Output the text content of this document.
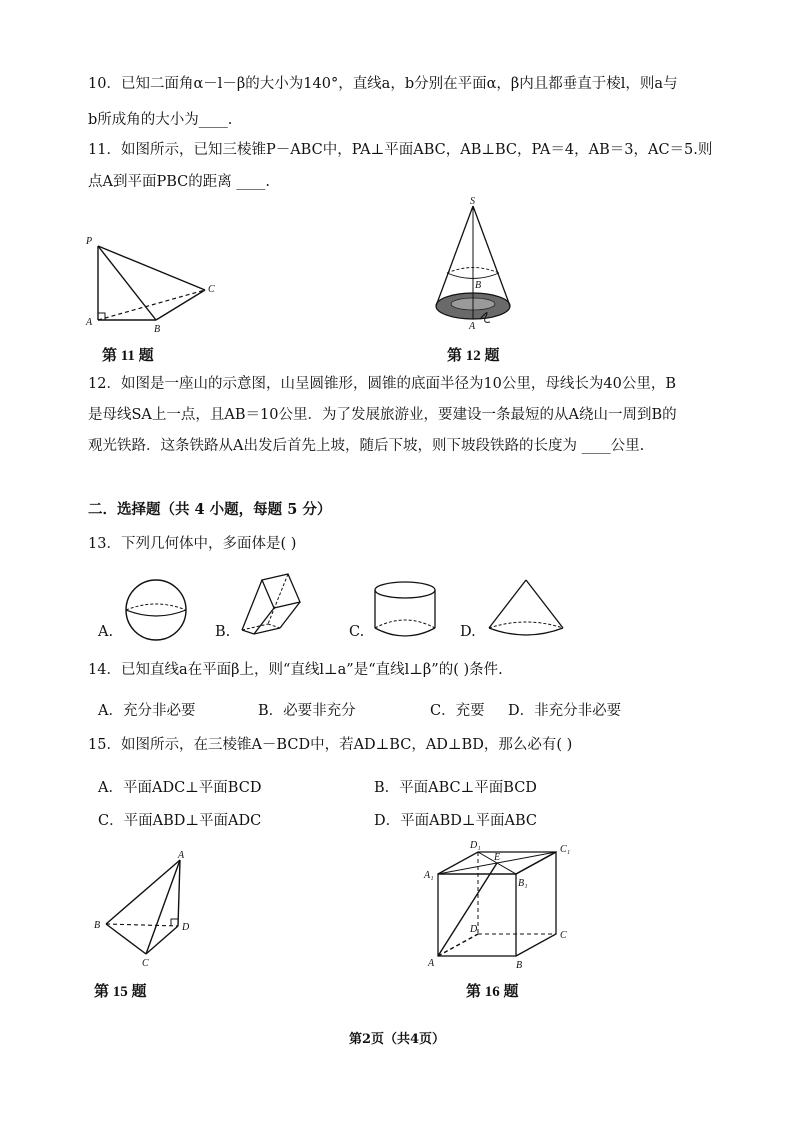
10．已知二面角α－l－β的大小为140°，直线a，b分别在平面α，β内且都垂直于棱l，则a与
b所成角的大小为____.
11．如图所示，已知三棱锥P－ABC中，PA⊥平面ABC，AB⊥BC，PA＝4，AB＝3，AC＝5.则
点A到平面PBC的距离 ____.
P
C
A
B
第 11 题
S
B
A
第 12 题
12．如图是一座山的示意图，山呈圆锥形，圆锥的底面半径为10公里，母线长为40公里，B
是母线SA上一点，且AB＝10公里．为了发展旅游业，要建设一条最短的从A绕山一周到B的
观光铁路．这条铁路从A出发后首先上坡，随后下坡，则下坡段铁路的长度为 ____公里.
二．选择题（共 4 小题，每题 5 分）
13．下列几何体中，多面体是( )
A.	B.	C.	D.
14．已知直线a在平面β上，则“直线l⊥a”是“直线l⊥β”的( )条件.
A．充分非必要	B．必要非充分	C．充要 D．非充分非必要
15．如图所示，在三棱锥A－BCD中，若AD⊥BC，AD⊥BD，那么必有( )
A．平面ADC⊥平面BCD	B．平面ABC⊥平面BCD
C．平面ABD⊥平面ADC	D．平面ABD⊥平面ABC
A
B	D
C
第 15 题
D₁	C₁
E
A₁
B₁
D
C
A	B
第 16 题
第2页（共4页）
